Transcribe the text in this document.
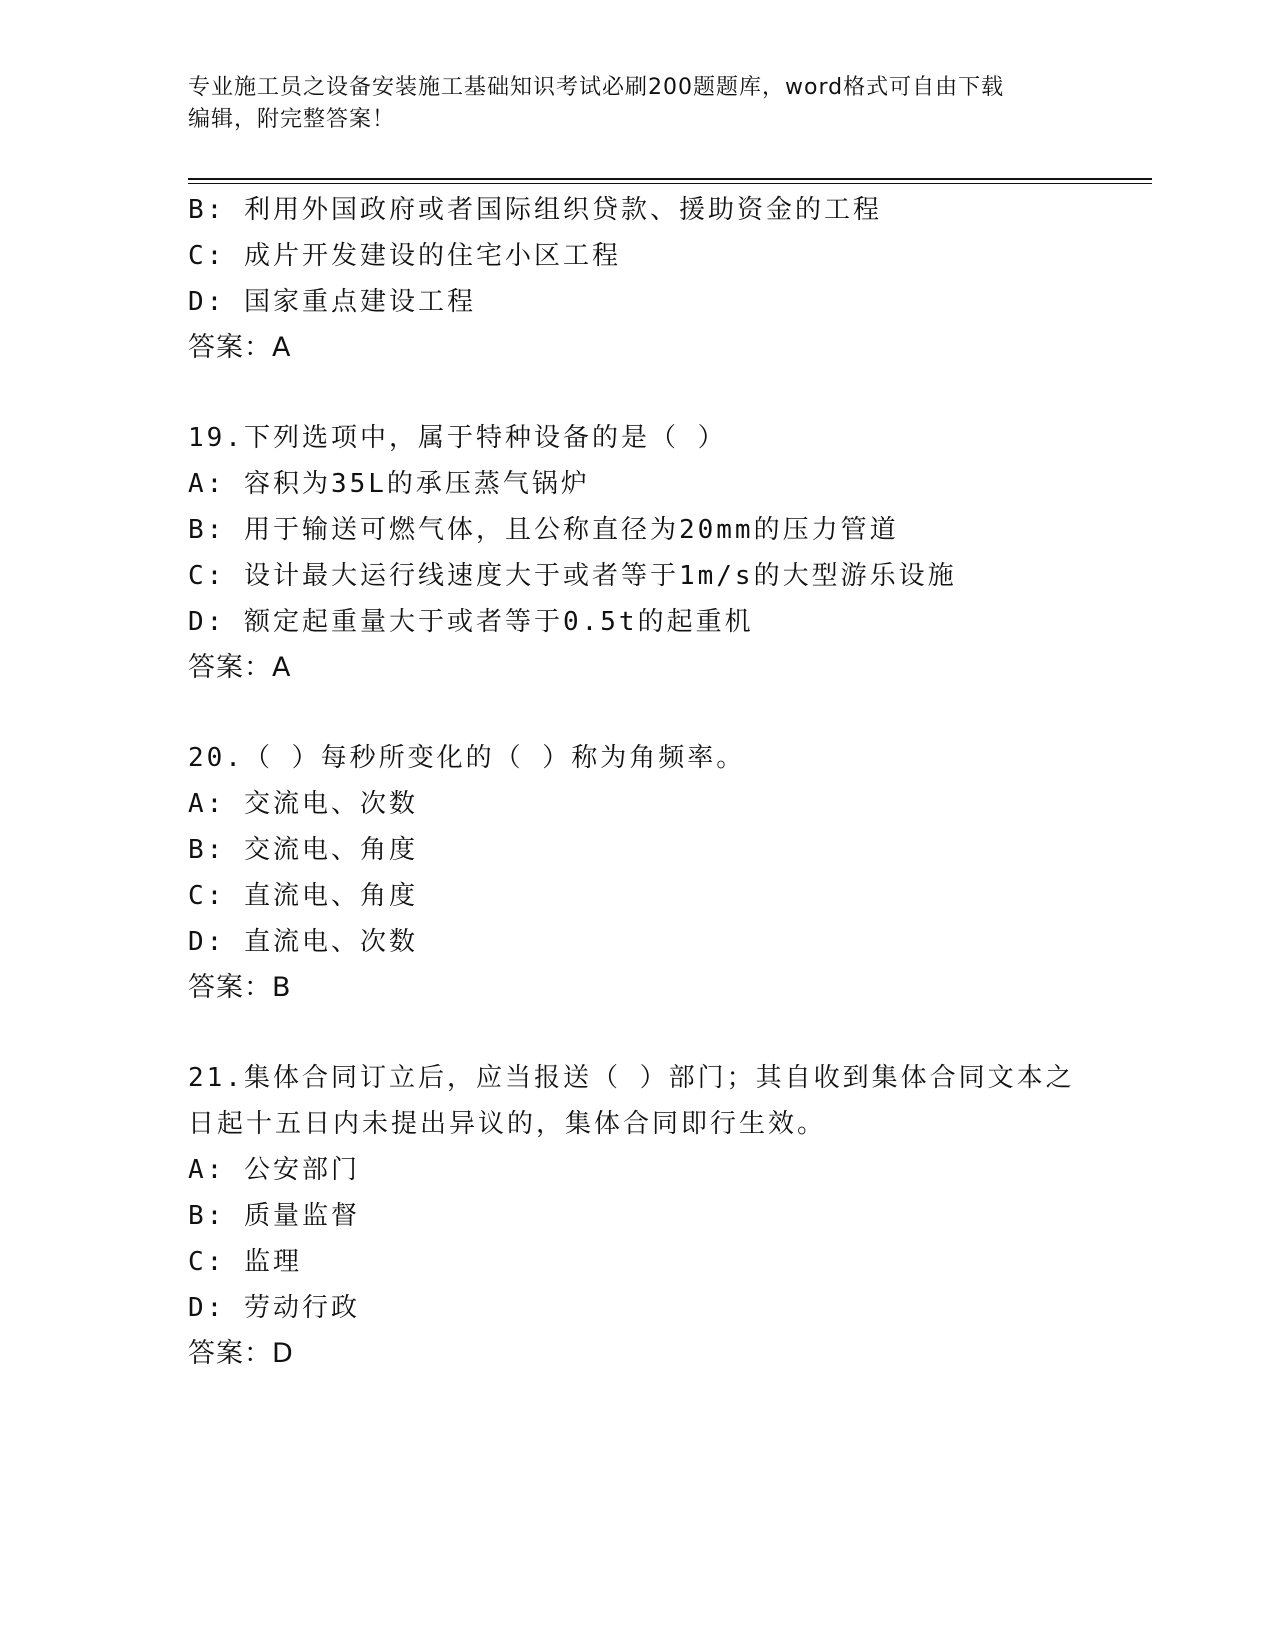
专业施工员之设备安装施工基础知识考试必刷200题题库，word格式可自由下载
编辑，附完整答案！
B: 利用外国政府或者国际组织贷款、援助资金的工程
C: 成片开发建设的住宅小区工程
D: 国家重点建设工程
答案：A
19.下列选项中，属于特种设备的是（ ）
A: 容积为35L的承压蒸气锅炉
B: 用于输送可燃气体，且公称直径为20mm的压力管道
C: 设计最大运行线速度大于或者等于1m/s的大型游乐设施
D: 额定起重量大于或者等于0.5t的起重机
答案：A
20.（ ）每秒所变化的（ ）称为角频率。
A: 交流电、次数
B: 交流电、角度
C: 直流电、角度
D: 直流电、次数
答案：B
21.集体合同订立后，应当报送（ ）部门；其自收到集体合同文本之
日起十五日内未提出异议的，集体合同即行生效。
A: 公安部门
B: 质量监督
C: 监理
D: 劳动行政
答案：D
